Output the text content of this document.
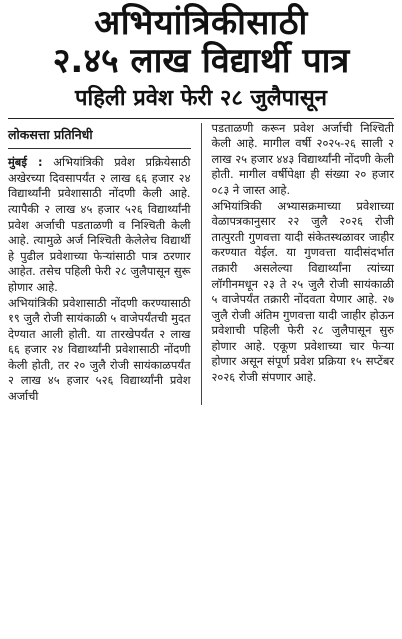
अभियांत्रिकीसाठी
२.४५ लाख विद्यार्थी पात्र
पहिली प्रवेश फेरी २८ जुलैपासून
लोकसत्ता प्रतिनिधी

मुंबई : अभियांत्रिकी प्रवेश प्रक्रियेसाठी अखेरच्या दिवसापर्यंत २ लाख ६६ हजार २४ विद्यार्थ्यांनी प्रवेशासाठी नोंदणी केली आहे. त्यापैकी २ लाख ४५ हजार ५२६ विद्यार्थ्यांनी प्रवेश अर्जाची पडताळणी व निश्चिती केली आहे. त्यामुळे अर्ज निश्चिती केलेलेच विद्यार्थी हे पुढील प्रवेशाच्या फेऱ्यांसाठी पात्र ठरणार आहेत. तसेच पहिली फेरी २८ जुलैपासून सुरू होणार आहे.

अभियांत्रिकी प्रवेशासाठी नोंदणी करण्यासाठी १९ जुलै रोजी सायंकाळी ५ वाजेपर्यंतची मुदत देण्यात आली होती. या तारखेपर्यंत २ लाख ६६ हजार २४ विद्यार्थ्यांनी प्रवेशासाठी नोंदणी केली होती, तर २० जुलै रोजी सायंकाळपर्यंत २ लाख ४५ हजार ५२६ विद्यार्थ्यांनी प्रवेश अर्जाची

पडताळणी करून प्रवेश अर्जाची निश्चिती केली आहे. मागील वर्षी २०२५-२६ साली २ लाख २५ हजार ४४३ विद्यार्थ्यांनी नोंदणी केली होती. मागील वर्षीपेक्षा ही संख्या २० हजार ०८३ ने जास्त आहे.

अभियांत्रिकी अभ्यासक्रमाच्या प्रवेशाच्या वेळापत्रकानुसार २२ जुलै २०२६ रोजी तात्पुरती गुणवत्ता यादी संकेतस्थळावर जाहीर करण्यात येईल. या गुणवत्ता यादीसंदर्भात तक्रारी असलेल्या विद्यार्थ्यांना त्यांच्या लॉगीनमधून २३ ते २५ जुलै रोजी सायंकाळी ५ वाजेपर्यंत तक्रारी नोंदवता येणार आहे. २७ जुलै रोजी अंतिम गुणवत्ता यादी जाहीर होऊन प्रवेशाची पहिली फेरी २८ जुलैपासून सुरु होणार आहे. एकूण प्रवेशाच्या चार फेऱ्या होणार असून संपूर्ण प्रवेश प्रक्रिया १५ सप्टेंबर २०२६ रोजी संपणार आहे.
